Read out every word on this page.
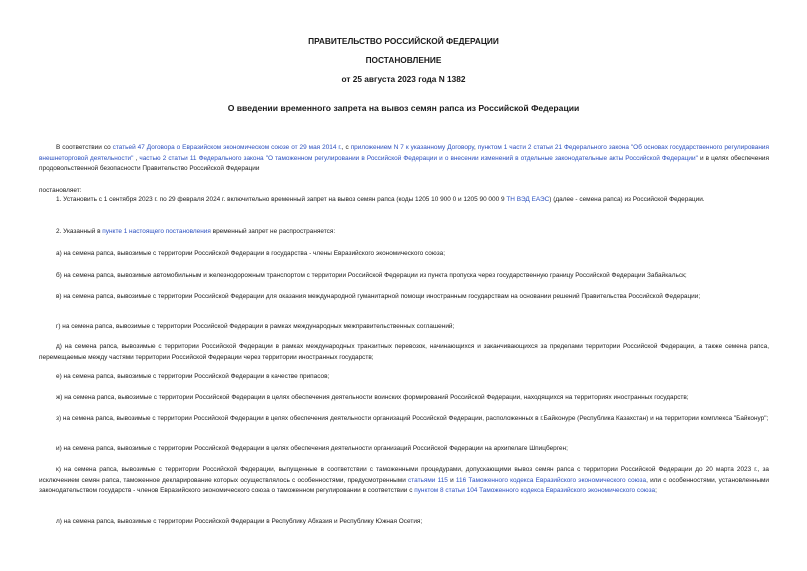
ПРАВИТЕЛЬСТВО РОССИЙСКОЙ ФЕДЕРАЦИИ
ПОСТАНОВЛЕНИЕ
от 25 августа 2023 года N 1382
О введении временного запрета на вывоз семян рапса из Российской Федерации
В соответствии со статьей 47 Договора о Евразийском экономическом союзе от 29 мая 2014 г., с приложением N 7 к указанному Договору, пунктом 1 части 2 статьи 21 Федерального закона "Об основах государственного регулирования внешнеторговой деятельности" , частью 2 статьи 11 Федерального закона "О таможенном регулировании в Российской Федерации и о внесении изменений в отдельные законодательные акты Российской Федерации" и в целях обеспечения продовольственной безопасности Правительство Российской Федерации
постановляет:
1. Установить с 1 сентября 2023 г. по 29 февраля 2024 г. включительно временный запрет на вывоз семян рапса (коды 1205 10 900 0 и 1205 90 000 9 ТН ВЭД ЕАЭС) (далее - семена рапса) из Российской Федерации.
2. Указанный в пункте 1 настоящего постановления временный запрет не распространяется:
а) на семена рапса, вывозимые с территории Российской Федерации в государства - члены Евразийского экономического союза;
б) на семена рапса, вывозимые автомобильным и железнодорожным транспортом с территории Российской Федерации из пункта пропуска через государственную границу Российской Федерации Забайкальск;
в) на семена рапса, вывозимые с территории Российской Федерации для оказания международной гуманитарной помощи иностранным государствам на основании решений Правительства Российской Федерации;
г) на семена рапса, вывозимые с территории Российской Федерации в рамках международных межправительственных соглашений;
д) на семена рапса, вывозимые с территории Российской Федерации в рамках международных транзитных перевозок, начинающихся и заканчивающихся за пределами территории Российской Федерации, а также семена рапса, перемещаемые между частями территории Российской Федерации через территории иностранных государств;
е) на семена рапса, вывозимые с территории Российской Федерации в качестве припасов;
ж) на семена рапса, вывозимые с территории Российской Федерации в целях обеспечения деятельности воинских формирований Российской Федерации, находящихся на территориях иностранных государств;
з) на семена рапса, вывозимые с территории Российской Федерации в целях обеспечения деятельности организаций Российской Федерации, расположенных в г.Байконуре (Республика Казахстан) и на территории комплекса "Байконур";
и) на семена рапса, вывозимые с территории Российской Федерации в целях обеспечения деятельности организаций Российской Федерации на архипелаге Шпицберген;
к) на семена рапса, вывозимые с территории Российской Федерации, выпущенные в соответствии с таможенными процедурами, допускающими вывоз семян рапса с территории Российской Федерации до 20 марта 2023 г., за исключением семян рапса, таможенное декларирование которых осуществлялось с особенностями, предусмотренными статьями 115 и 116 Таможенного кодекса Евразийского экономического союза, или с особенностями, установленными законодательством государств - членов Евразийского экономического союза о таможенном регулировании в соответствии с пунктом 8 статьи 104 Таможенного кодекса Евразийского экономического союза;
л) на семена рапса, вывозимые с территории Российской Федерации в Республику Абхазия и Республику Южная Осетия;
